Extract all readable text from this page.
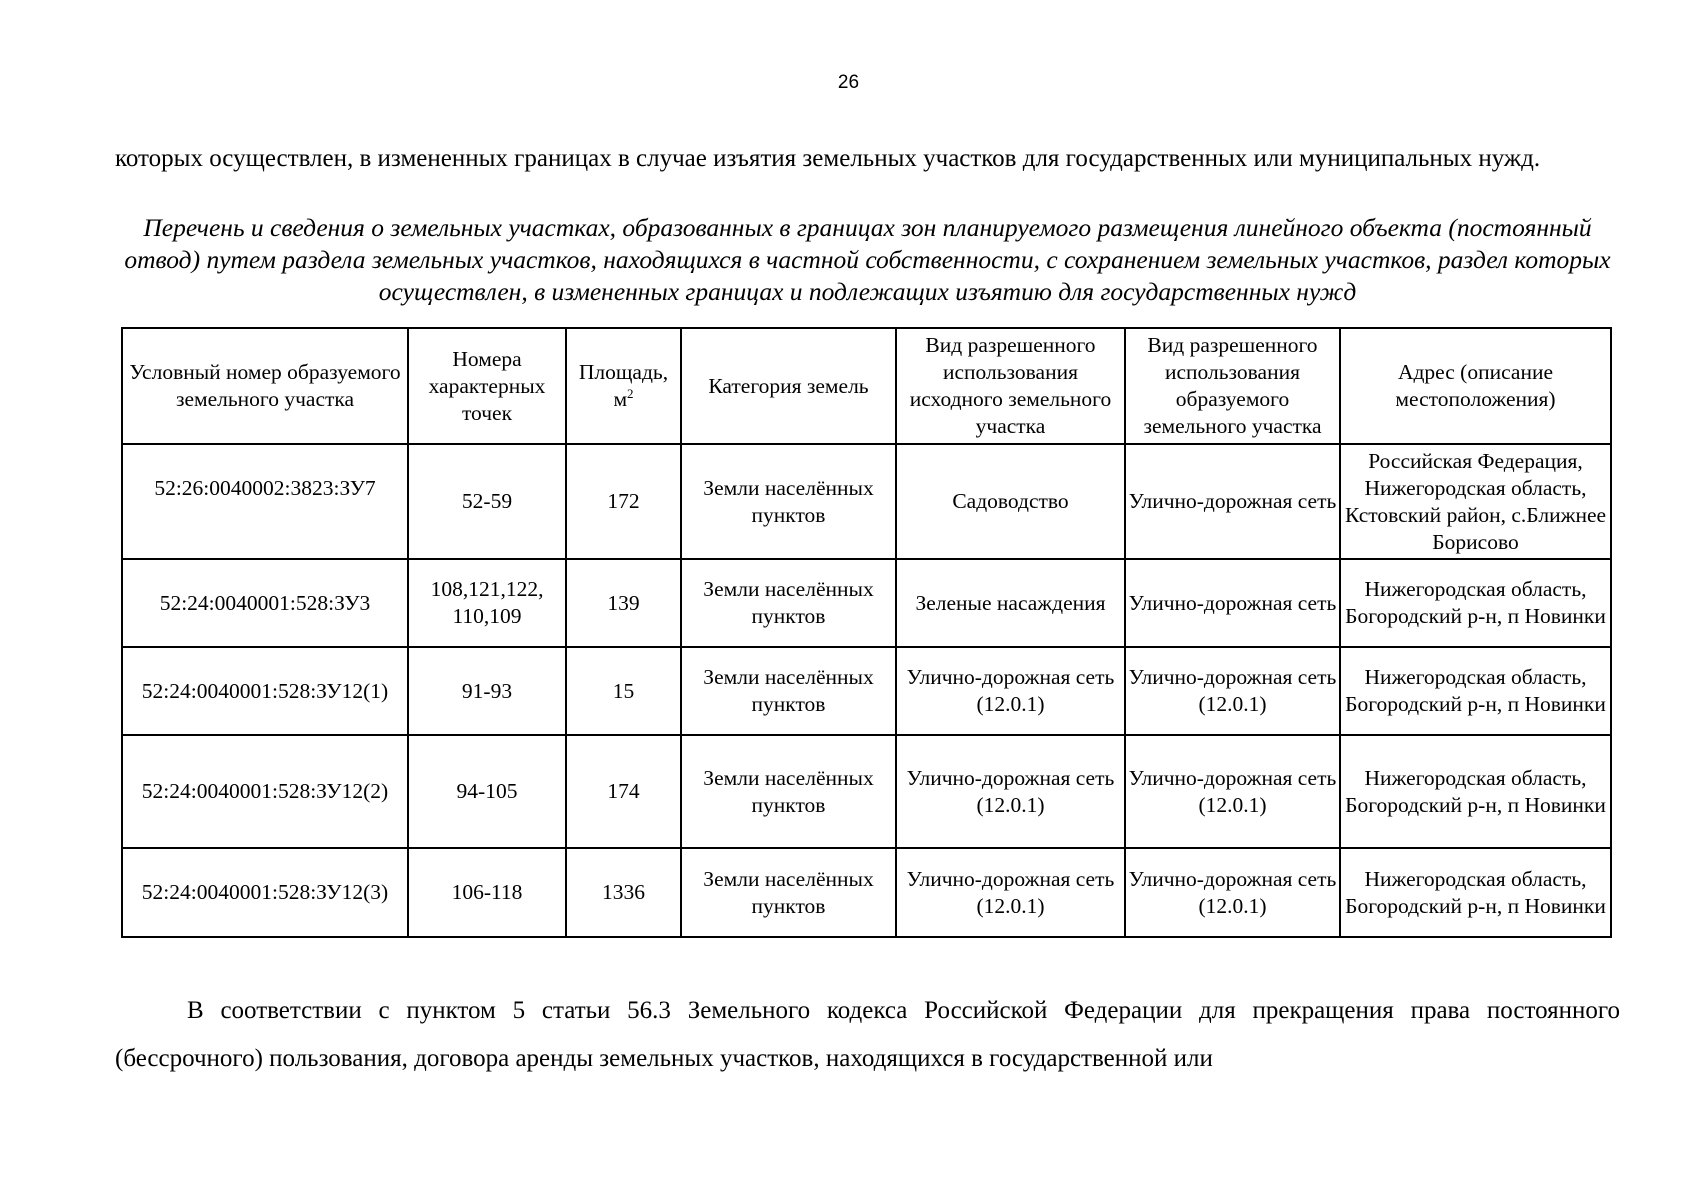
26

которых осуществлен, в измененных границах в случае изъятия земельных участков для государственных или муниципальных нужд.

Перечень и сведения о земельных участках, образованных в границах зон планируемого размещения линейного объекта (постоянный отвод) путем раздела земельных участков, находящихся в частной собственности, с сохранением земельных участков, раздел которых осуществлен, в измененных границах и подлежащих изъятию для государственных нужд
Условный номер образуемого земельного участка	Номера характерных точек	Площадь, $м^2$	Категория земель	Вид разрешенного использования исходного земельного участка	Вид разрешенного использования образуемого земельного участка	Адрес (описание местоположения)
52:26:0040002:3823:ЗУ7	52-59	172	Земли населённых пунктов	Садоводство	Улично-дорожная сеть	Российская Федерация, Нижегородская область, Кстовский район, с.Ближнее Борисово
52:24:0040001:528:ЗУ3	108,121,122, 110,109	139	Земли населённых пунктов	Зеленые насаждения	Улично-дорожная сеть	Нижегородская область, Богородский р-н, п Новинки
52:24:0040001:528:ЗУ12(1)	91-93	15	Земли населённых пунктов	Улично-дорожная сеть (12.0.1)	Улично-дорожная сеть (12.0.1)	Нижегородская область, Богородский р-н, п Новинки
52:24:0040001:528:ЗУ12(2)	94-105	174	Земли населённых пунктов	Улично-дорожная сеть (12.0.1)	Улично-дорожная сеть (12.0.1)	Нижегородская область, Богородский р-н, п Новинки
52:24:0040001:528:ЗУ12(3)	106-118	1336	Земли населённых пунктов	Улично-дорожная сеть (12.0.1)	Улично-дорожная сеть (12.0.1)	Нижегородская область, Богородский р-н, п Новинки

В соответствии с пунктом 5 статьи 56.3 Земельного кодекса Российской Федерации для прекращения права постоянного (бессрочного) пользования, договора аренды земельных участков, находящихся в государственной или
